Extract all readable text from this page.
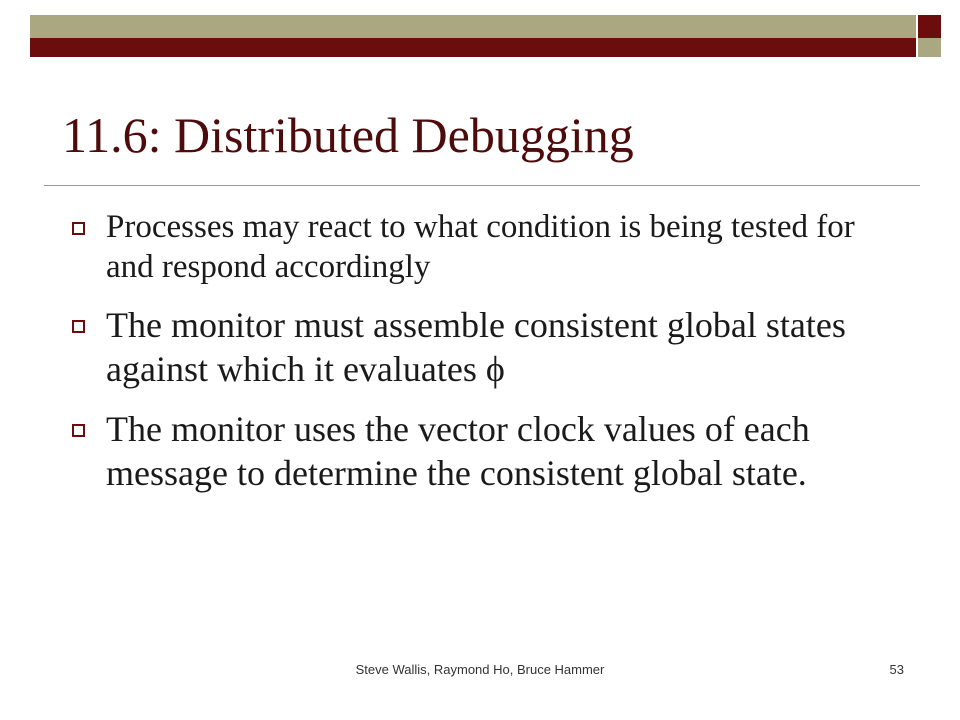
11.6: Distributed Debugging
Processes may react to what condition is being tested for and respond accordingly
The monitor must assemble consistent global states against which it evaluates ϕ
The monitor uses the vector clock values of each message to determine the consistent global state.
Steve Wallis, Raymond Ho, Bruce Hammer	53
